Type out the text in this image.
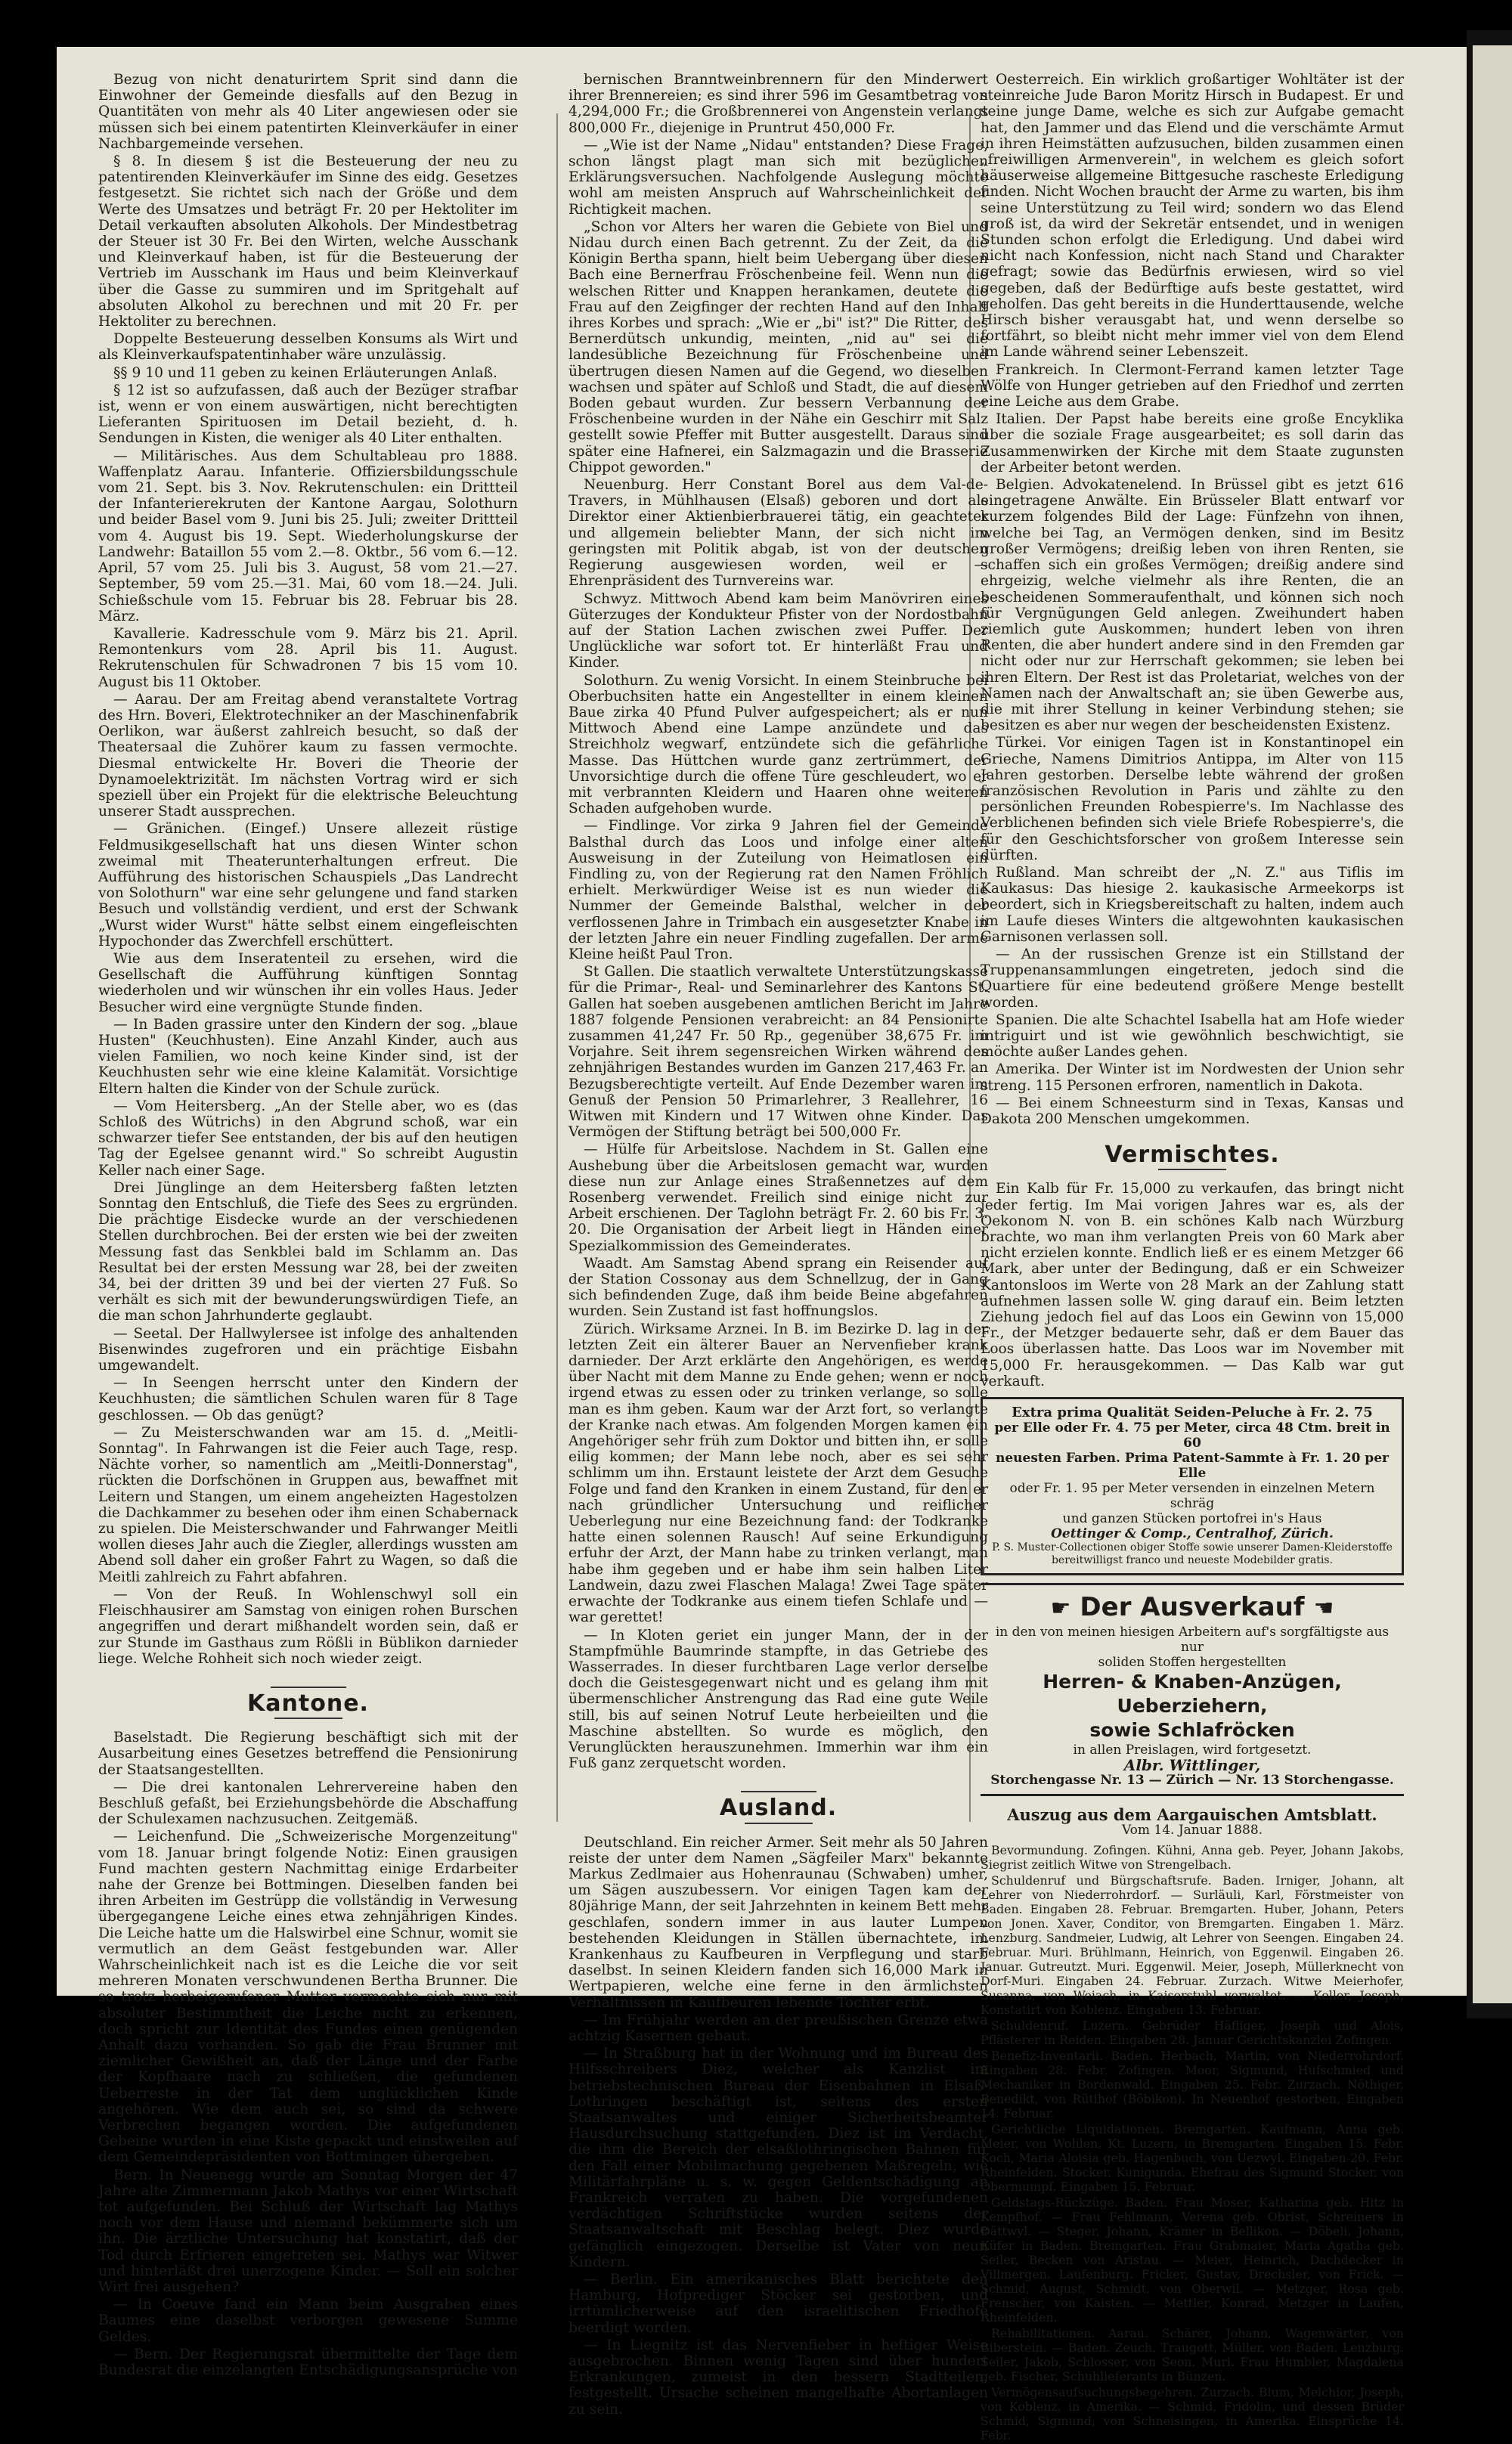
Bezug von nicht denaturirtem Sprit sind dann die Einwohner der Gemeinde diesfalls auf den Bezug in Quantitäten von mehr als 40 Liter angewiesen oder sie müssen sich bei einem patentirten Kleinverkäufer in einer Nachbargemeinde versehen.

§ 8. In diesem § ist die Besteuerung der neu zu patentirenden Kleinverkäufer im Sinne des eidg. Gesetzes festgesetzt. Sie richtet sich nach der Größe und dem Werte des Umsatzes und beträgt Fr. 20 per Hektoliter im Detail verkauften absoluten Alkohols. Der Mindestbetrag der Steuer ist 30 Fr. Bei den Wirten, welche Ausschank und Kleinverkauf haben, ist für die Besteuerung der Vertrieb im Ausschank im Haus und beim Kleinverkauf über die Gasse zu summiren und im Spritgehalt auf absoluten Alkohol zu berechnen und mit 20 Fr. per Hektoliter zu berechnen.

Doppelte Besteuerung desselben Konsums als Wirt und als Kleinverkaufspatentinhaber wäre unzulässig.

§§ 9 10 und 11 geben zu keinen Erläuterungen Anlaß.

§ 12 ist so aufzufassen, daß auch der Bezüger strafbar ist, wenn er von einem auswärtigen, nicht berechtigten Lieferanten Spirituosen im Detail bezieht, d. h. Sendungen in Kisten, die weniger als 40 Liter enthalten.

— Militärisches. Aus dem Schultableau pro 1888. Waffenplatz Aarau. Infanterie. Offiziersbildungsschule vom 21. Sept. bis 3. Nov. Rekrutenschulen: ein Drittteil der Infanterierekruten der Kantone Aargau, Solothurn und beider Basel vom 9. Juni bis 25. Juli; zweiter Drittteil vom 4. August bis 19. Sept. Wiederholungskurse der Landwehr: Bataillon 55 vom 2.—8. Oktbr., 56 vom 6.—12. April, 57 vom 25. Juli bis 3. August, 58 vom 21.—27. September, 59 vom 25.—31. Mai, 60 vom 18.—24. Juli. Schießschule vom 15. Februar bis 28. Februar bis 28. März.

Kavallerie. Kadresschule vom 9. März bis 21. April. Remontenkurs vom 28. April bis 11. August. Rekrutenschulen für Schwadronen 7 bis 15 vom 10. August bis 11 Oktober.

— Aarau. Der am Freitag abend veranstaltete Vortrag des Hrn. Boveri, Elektrotechniker an der Maschinenfabrik Oerlikon, war äußerst zahlreich besucht, so daß der Theatersaal die Zuhörer kaum zu fassen vermochte. Diesmal entwickelte Hr. Boveri die Theorie der Dynamoelektrizität. Im nächsten Vortrag wird er sich speziell über ein Projekt für die elektrische Beleuchtung unserer Stadt aussprechen.

— Gränichen. (Eingef.) Unsere allezeit rüstige Feldmusikgesellschaft hat uns diesen Winter schon zweimal mit Theaterunterhaltungen erfreut. Die Aufführung des historischen Schauspiels „Das Landrecht von Solothurn" war eine sehr gelungene und fand starken Besuch und vollständig verdient, und erst der Schwank „Wurst wider Wurst" hätte selbst einem eingefleischten Hypochonder das Zwerchfell erschüttert.

Wie aus dem Inseratenteil zu ersehen, wird die Gesellschaft die Aufführung künftigen Sonntag wiederholen und wir wünschen ihr ein volles Haus. Jeder Besucher wird eine vergnügte Stunde finden.

— In Baden grassire unter den Kindern der sog. „blaue Husten" (Keuchhusten). Eine Anzahl Kinder, auch aus vielen Familien, wo noch keine Kinder sind, ist der Keuchhusten sehr wie eine kleine Kalamität. Vorsichtige Eltern halten die Kinder von der Schule zurück.

— Vom Heitersberg. „An der Stelle aber, wo es (das Schloß des Wütrichs) in den Abgrund schoß, war ein schwarzer tiefer See entstanden, der bis auf den heutigen Tag der Egelsee genannt wird." So schreibt Augustin Keller nach einer Sage.

Drei Jünglinge an dem Heitersberg faßten letzten Sonntag den Entschluß, die Tiefe des Sees zu ergründen. Die prächtige Eisdecke wurde an der verschiedenen Stellen durchbrochen. Bei der ersten wie bei der zweiten Messung fast das Senkblei bald im Schlamm an. Das Resultat bei der ersten Messung war 28, bei der zweiten 34, bei der dritten 39 und bei der vierten 27 Fuß. So verhält es sich mit der bewunderungswürdigen Tiefe, an die man schon Jahrhunderte geglaubt.

— Seetal. Der Hallwylersee ist infolge des anhaltenden Bisenwindes zugefroren und ein prächtige Eisbahn umgewandelt.

— In Seengen herrscht unter den Kindern der Keuchhusten; die sämtlichen Schulen waren für 8 Tage geschlossen. — Ob das genügt?

— Zu Meisterschwanden war am 15. d. „Meitli-Sonntag". In Fahrwangen ist die Feier auch Tage, resp. Nächte vorher, so namentlich am „Meitli-Donnerstag", rückten die Dorfschönen in Gruppen aus, bewaffnet mit Leitern und Stangen, um einem angeheizten Hagestolzen die Dachkammer zu besehen oder ihm einen Schabernack zu spielen. Die Meisterschwander und Fahrwanger Meitli wollen dieses Jahr auch die Ziegler, allerdings wussten am Abend soll daher ein großer Fahrt zu Wagen, so daß die Meitli zahlreich zu Fahrt abfahren.

— Von der Reuß. In Wohlenschwyl soll ein Fleischhausirer am Samstag von einigen rohen Burschen angegriffen und derart mißhandelt worden sein, daß er zur Stunde im Gasthaus zum Rößli in Büblikon darnieder liege. Welche Rohheit sich noch wieder zeigt.

Kantone.

Baselstadt. Die Regierung beschäftigt sich mit der Ausarbeitung eines Gesetzes betreffend die Pensionirung der Staatsangestellten.

— Die drei kantonalen Lehrervereine haben den Beschluß gefaßt, bei Erziehungsbehörde die Abschaffung der Schulexamen nachzusuchen. Zeitgemäß.

— Leichenfund. Die „Schweizerische Morgenzeitung" vom 18. Januar bringt folgende Notiz: Einen grausigen Fund machten gestern Nachmittag einige Erdarbeiter nahe der Grenze bei Bottmingen. Dieselben fanden bei ihren Arbeiten im Gestrüpp die vollständig in Verwesung übergegangene Leiche eines etwa zehnjährigen Kindes. Die Leiche hatte um die Halswirbel eine Schnur, womit sie vermutlich an dem Geäst festgebunden war. Aller Wahrscheinlichkeit nach ist es die Leiche die vor seit mehreren Monaten verschwundenen Bertha Brunner. Die so trotz herbeigerufener Mutter vermochte sich nur mit absoluter Bestimmtheit die Leiche nicht zu erkennen, doch spricht zur Identität des Fundes einen genügenden Anhalt dazu vorhanden. So gab die Frau Brunner mit ziemlicher Gewißheit an, daß der Länge und der Farbe der Kopfhaare nach zu schließen, die gefundenen Ueberreste in der Tat dem unglücklichen Kinde angehören. Wie dem auch sei, so sind da schwere Verbrechen begangen worden. Die aufgefundenen Gebeine wurden in eine Kiste gepackt und einstweilen auf dem Gemeindepräsidenten von Bottmingen übergeben.

Bern. In Neuenegg wurde am Sonntag Morgen der 47 Jahre alte Zimmermann Jakob Mathys vor einer Wirtschaft tot aufgefunden. Bei Schluß der Wirtschaft lag Mathys noch vor dem Hause und niemand bekümmerte sich um ihn. Die ärztliche Untersuchung hat konstatirt, daß der Tod durch Erfrieren eingetreten sei. Mathys war Witwer und hinterläßt drei unerzogene Kinder. — Soll ein solcher Wirt frei ausgehen?

— In Coeuve fand ein Mann beim Ausgraben eines Baumes eine daselbst verborgen gewesene Summe Geldes.

— Bern. Der Regierungsrat übermittelte der Tage dem Bundesrat die einzelangten Entschädigungsansprüche von

bernischen Branntweinbrennern für den Minderwert ihrer Brennereien; es sind ihrer 596 im Gesamtbetrag von 4,294,000 Fr.; die Großbrennerei von Angenstein verlangt 800,000 Fr., diejenige in Pruntrut 450,000 Fr.

— „Wie ist der Name „Nidau" entstanden? Diese Frage, schon längst plagt man sich mit bezüglichen Erklärungsversuchen. Nachfolgende Auslegung möchte wohl am meisten Anspruch auf Wahrscheinlichkeit der Richtigkeit machen.

„Schon vor Alters her waren die Gebiete von Biel und Nidau durch einen Bach getrennt. Zu der Zeit, da die Königin Bertha spann, hielt beim Uebergang über diesen Bach eine Bernerfrau Fröschenbeine feil. Wenn nun die welschen Ritter und Knappen herankamen, deutete die Frau auf den Zeigfinger der rechten Hand auf den Inhalt ihres Korbes und sprach: „Wie er „bi" ist?" Die Ritter, des Bernerdütsch unkundig, meinten, „nid au" sei die landesübliche Bezeichnung für Fröschenbeine und übertrugen diesen Namen auf die Gegend, wo dieselben wachsen und später auf Schloß und Stadt, die auf diesem Boden gebaut wurden. Zur bessern Verbannung der Fröschenbeine wurden in der Nähe ein Geschirr mit Salz gestellt sowie Pfeffer mit Butter ausgestellt. Daraus sind später eine Hafnerei, ein Salzmagazin und die Brasserie Chippot geworden."

Neuenburg. Herr Constant Borel aus dem Val-de-Travers, in Mühlhausen (Elsaß) geboren und dort als Direktor einer Aktienbierbrauerei tätig, ein geachteter und allgemein beliebter Mann, der sich nicht im geringsten mit Politik abgab, ist von der deutschen Regierung ausgewiesen worden, weil er — Ehrenpräsident des Turnvereins war.

Schwyz. Mittwoch Abend kam beim Manövriren eines Güterzuges der Kondukteur Pfister von der Nordostbahn auf der Station Lachen zwischen zwei Puffer. Der Unglückliche war sofort tot. Er hinterläßt Frau und Kinder.

Solothurn. Zu wenig Vorsicht. In einem Steinbruche bei Oberbuchsiten hatte ein Angestellter in einem kleinen Baue zirka 40 Pfund Pulver aufgespeichert; als er nun Mittwoch Abend eine Lampe anzündete und das Streichholz wegwarf, entzündete sich die gefährliche Masse. Das Hüttchen wurde ganz zertrümmert, der Unvorsichtige durch die offene Türe geschleudert, wo er mit verbrannten Kleidern und Haaren ohne weiteren Schaden aufgehoben wurde.

— Findlinge. Vor zirka 9 Jahren fiel der Gemeinde Balsthal durch das Loos und infolge einer alten Ausweisung in der Zuteilung von Heimatlosen ein Findling zu, von der Regierung rat den Namen Fröhlich erhielt. Merkwürdiger Weise ist es nun wieder die Nummer der Gemeinde Balsthal, welcher in der verflossenen Jahre in Trimbach ein ausgesetzter Knabe in der letzten Jahre ein neuer Findling zugefallen. Der arme Kleine heißt Paul Tron.

St Gallen. Die staatlich verwaltete Unterstützungskasse für die Primar-, Real- und Seminarlehrer des Kantons St. Gallen hat soeben ausgebenen amtlichen Bericht im Jahre 1887 folgende Pensionen verabreicht: an 84 Pensionirte zusammen 41,247 Fr. 50 Rp., gegenüber 38,675 Fr. im Vorjahre. Seit ihrem segensreichen Wirken während des zehnjährigen Bestandes wurden im Ganzen 217,463 Fr. an Bezugsberechtigte verteilt. Auf Ende Dezember waren im Genuß der Pension 50 Primarlehrer, 3 Reallehrer, 16 Witwen mit Kindern und 17 Witwen ohne Kinder. Das Vermögen der Stiftung beträgt bei 500,000 Fr.

— Hülfe für Arbeitslose. Nachdem in St. Gallen eine Aushebung über die Arbeitslosen gemacht war, wurden diese nun zur Anlage eines Straßennetzes auf dem Rosenberg verwendet. Freilich sind einige nicht zur Arbeit erschienen. Der Taglohn beträgt Fr. 2. 60 bis Fr. 3. 20. Die Organisation der Arbeit liegt in Händen einer Spezialkommission des Gemeinderates.

Waadt. Am Samstag Abend sprang ein Reisender auf der Station Cossonay aus dem Schnellzug, der in Gang sich befindenden Zuge, daß ihm beide Beine abgefahren wurden. Sein Zustand ist fast hoffnungslos.

Zürich. Wirksame Arznei. In B. im Bezirke D. lag in der letzten Zeit ein älterer Bauer an Nervenfieber krank darnieder. Der Arzt erklärte den Angehörigen, es werde über Nacht mit dem Manne zu Ende gehen; wenn er noch irgend etwas zu essen oder zu trinken verlange, so solle man es ihm geben. Kaum war der Arzt fort, so verlangte der Kranke nach etwas. Am folgenden Morgen kamen ein Angehöriger sehr früh zum Doktor und bitten ihn, er solle eilig kommen; der Mann lebe noch, aber es sei sehr schlimm um ihn. Erstaunt leistete der Arzt dem Gesuche Folge und fand den Kranken in einem Zustand, für den er nach gründlicher Untersuchung und reiflicher Ueberlegung nur eine Bezeichnung fand: der Todkranke hatte einen solennen Rausch! Auf seine Erkundigung erfuhr der Arzt, der Mann habe zu trinken verlangt, man habe ihm gegeben und er habe ihm sein halben Liter Landwein, dazu zwei Flaschen Malaga! Zwei Tage später erwachte der Todkranke aus einem tiefen Schlafe und — war gerettet!

— In Kloten geriet ein junger Mann, der in der Stampfmühle Baumrinde stampfte, in das Getriebe des Wasserrades. In dieser furchtbaren Lage verlor derselbe doch die Geistesgegenwart nicht und es gelang ihm mit übermenschlicher Anstrengung das Rad eine gute Weile still, bis auf seinen Notruf Leute herbeieilten und die Maschine abstellten. So wurde es möglich, den Verunglückten herauszunehmen. Immerhin war ihm ein Fuß ganz zerquetscht worden.

Ausland.

Deutschland. Ein reicher Armer. Seit mehr als 50 Jahren reiste der unter dem Namen „Sägfeiler Marx" bekannte Markus Zedlmaier aus Hohenraunau (Schwaben) umher, um Sägen auszubessern. Vor einigen Tagen kam der 80jährige Mann, der seit Jahrzehnten in keinem Bett mehr geschlafen, sondern immer in aus lauter Lumpen bestehenden Kleidungen in Ställen übernachtete, im Krankenhaus zu Kaufbeuren in Verpflegung und starb daselbst. In seinen Kleidern fanden sich 16,000 Mark in Wertpapieren, welche eine ferne in den ärmlichsten Verhältnissen in Kaufbeuren lebende Tochter erbt.

— Im Frühjahr werden an der preußischen Grenze etwa achtzig Kasernen gebaut.

— In Straßburg hat in der Wohnung und im Bureau des Hilfsschreibers Diez, welcher als Kanzlist im betriebstechnischen Bureau der Eisenbahnen in Elsaß-Lothringen beschäftigt ist, seitens des ersten Staatsanwaltes und einiger Sicherheitsbeamter Hausdurchsuchung stattgefunden. Diez ist im Verdacht, die ihm die Bereich der elsaßlothringischen Bahnen für den Fall einer Mobilmachung gegebenen Maßregeln, wie Militärfahrpläne u. s. w. gegen Geldentschädigung an Frankreich verraten zu haben. Die vorgefundenen verdächtigen Schriftstücke wurden seitens der Staatsanwaltschaft mit Beschlag belegt. Diez wurde gefänglich eingezogen. Derselbe ist Vater von neun Kindern.

— Berlin. Ein amerikanisches Blatt berichtete den Hamburg, Hofprediger Stöcker sei gestorben, und irrtümlicherweise auf den israelitischen Friedhofe beerdigt worden.

— In Liegnitz ist das Nervenfieber in heftiger Weise ausgebrochen. Binnen wenig Tagen sind über hundert Erkrankungen, zumeist in den bessern Stadtteilen, festgestellt. Ursache scheinen mangelhafte Abortanlagen zu sein.

Oesterreich. Ein wirklich großartiger Wohltäter ist der steinreiche Jude Baron Moritz Hirsch in Budapest. Er und seine junge Dame, welche es sich zur Aufgabe gemacht hat, den Jammer und das Elend und die verschämte Armut in ihren Heimstätten aufzusuchen, bilden zusammen einen „freiwilligen Armenverein", in welchem es gleich sofort häuserweise allgemeine Bittgesuche rascheste Erledigung finden. Nicht Wochen braucht der Arme zu warten, bis ihm seine Unterstützung zu Teil wird; sondern wo das Elend groß ist, da wird der Sekretär entsendet, und in wenigen Stunden schon erfolgt die Erledigung. Und dabei wird nicht nach Konfession, nicht nach Stand und Charakter gefragt; sowie das Bedürfnis erwiesen, wird so viel gegeben, daß der Bedürftige aufs beste gestattet, wird geholfen. Das geht bereits in die Hunderttausende, welche Hirsch bisher verausgabt hat, und wenn derselbe so fortfährt, so bleibt nicht mehr immer viel von dem Elend im Lande während seiner Lebenszeit.

Frankreich. In Clermont-Ferrand kamen letzter Tage Wölfe von Hunger getrieben auf den Friedhof und zerrten eine Leiche aus dem Grabe.

Italien. Der Papst habe bereits eine große Encyklika über die soziale Frage ausgearbeitet; es soll darin das Zusammenwirken der Kirche mit dem Staate zugunsten der Arbeiter betont werden.

Belgien. Advokatenelend. In Brüssel gibt es jetzt 616 eingetragene Anwälte. Ein Brüsseler Blatt entwarf vor kurzem folgendes Bild der Lage: Fünfzehn von ihnen, welche bei Tag, an Vermögen denken, sind im Besitz großer Vermögens; dreißig leben von ihren Renten, sie schaffen sich ein großes Vermögen; dreißig andere sind ehrgeizig, welche vielmehr als ihre Renten, die an bescheidenen Sommeraufenthalt, und können sich noch für Vergnügungen Geld anlegen. Zweihundert haben ziemlich gute Auskommen; hundert leben von ihren Renten, die aber hundert andere sind in den Fremden gar nicht oder nur zur Herrschaft gekommen; sie leben bei ihren Eltern. Der Rest ist das Proletariat, welches von der Namen nach der Anwaltschaft an; sie üben Gewerbe aus, die mit ihrer Stellung in keiner Verbindung stehen; sie besitzen es aber nur wegen der bescheidensten Existenz.

Türkei. Vor einigen Tagen ist in Konstantinopel ein Grieche, Namens Dimitrios Antippa, im Alter von 115 Jahren gestorben. Derselbe lebte während der großen französischen Revolution in Paris und zählte zu den persönlichen Freunden Robespierre's. Im Nachlasse des Verblichenen befinden sich viele Briefe Robespierre's, die für den Geschichtsforscher von großem Interesse sein dürften.

Rußland. Man schreibt der „N. Z." aus Tiflis im Kaukasus: Das hiesige 2. kaukasische Armeekorps ist beordert, sich in Kriegsbereitschaft zu halten, indem auch im Laufe dieses Winters die altgewohnten kaukasischen Garnisonen verlassen soll.

— An der russischen Grenze ist ein Stillstand der Truppenansammlungen eingetreten, jedoch sind die Quartiere für eine bedeutend größere Menge bestellt worden.

Spanien. Die alte Schachtel Isabella hat am Hofe wieder intriguirt und ist wie gewöhnlich beschwichtigt, sie möchte außer Landes gehen.

Amerika. Der Winter ist im Nordwesten der Union sehr streng. 115 Personen erfroren, namentlich in Dakota.

— Bei einem Schneesturm sind in Texas, Kansas und Dakota 200 Menschen umgekommen.

Vermischtes.

Ein Kalb für Fr. 15,000 zu verkaufen, das bringt nicht jeder fertig. Im Mai vorigen Jahres war es, als der Oekonom N. von B. ein schönes Kalb nach Würzburg brachte, wo man ihm verlangten Preis von 60 Mark aber nicht erzielen konnte. Endlich ließ er es einem Metzger 66 Mark, aber unter der Bedingung, daß er ein Schweizer Kantonsloos im Werte von 28 Mark an der Zahlung statt aufnehmen lassen solle W. ging darauf ein. Beim letzten Ziehung jedoch fiel auf das Loos ein Gewinn von 15,000 Fr., der Metzger bedauerte sehr, daß er dem Bauer das Loos überlassen hatte. Das Loos war im November mit 15,000 Fr. herausgekommen. — Das Kalb war gut verkauft.

Extra prima Qualität Seiden-Peluche à Fr. 2. 75
per Elle oder Fr. 4. 75 per Meter, circa 48 Ctm. breit in 60
neuesten Farben. Prima Patent-Sammte à Fr. 1. 20 per Elle
oder Fr. 1. 95 per Meter versenden in einzelnen Metern schräg
und ganzen Stücken portofrei in's Haus
Oettinger & Comp., Centralhof, Zürich.
P. S. Muster-Collectionen obiger Stoffe sowie unserer Damen-Kleiderstoffe bereitwilligst franco und neueste Modebilder gratis.
☛ Der Ausverkauf ☚
in den von meinen hiesigen Arbeitern auf's sorgfältigste aus nur
soliden Stoffen hergestellten
Herren- & Knaben-Anzügen, Ueberziehern,
sowie Schlafröcken
in allen Preislagen, wird fortgesetzt.
Albr. Wittlinger,
Storchengasse Nr. 13 — Zürich — Nr. 13 Storchengasse.
Auszug aus dem Aargauischen Amtsblatt.
Vom 14. Januar 1888.

Bevormundung. Zofingen. Kühni, Anna geb. Peyer, Johann Jakobs, Siegrist zeitlich Witwe von Strengelbach.

Schuldenruf und Bürgschaftsrufe. Baden. Irniger, Johann, alt Lehrer von Niederrohrdorf. — Surläuli, Karl, Förstmeister von Baden. Eingaben 28. Februar. Bremgarten. Huber, Johann, Peters von Jonen. Xaver, Conditor, von Bremgarten. Eingaben 1. März. Lenzburg. Sandmeier, Ludwig, alt Lehrer von Seengen. Eingaben 24. Februar. Muri. Brühlmann, Heinrich, von Eggenwil. Eingaben 26. Januar. Gutreutzt. Muri. Eggenwil. Meier, Joseph, Müllerknecht von Dorf-Muri. Eingaben 24. Februar. Zurzach. Witwe Meierhofer, Susanna, von Weiach, in Kaiserstuhl verwaltet. — Keller, Joseph, Konstatirt von Koblenz. Eingaben 13. Februar.

Schuldenruf. Luzern. Gebrüder Häfliger, Joseph und Alois, Pflästerer in Reiden. Eingaben 28. Januar Gerichtskanzlei Zofingen.

Benefiz-Inventarii. Baden. Herbach, Martin, von Niederrohrdorf. Eingaben 28. Febr. Zofingen. Moor, Sigmund, Hufschmied und Mechaniker in Bordenwald. Eingaben 25. Febr. Zurzach. Nöthiger, Benedikt, von Rütihof (Böbikon). In Neuenhof gestorben, Eingaben 14. Februar.

Gerichtliche Liquidationen. Bremgarten. Kaufmann, Anna geb. Meier, von Wohlen, Kt. Luzern, in Bremgarten. Eingaben 15. Febr. Koch, Maria Aloisia geb. Hagenbuch, von Uezwyl. Eingaben 20. Febr. Rheinfelden. Stocker, Kunigunda, Ehefrau des Sigmund Stocker, von Obermumpf. Eingaben 15. Februar.

Geldstags-Rückzüge. Baden. Frau Moser, Katharina geb. Hitz in Kempfhof. — Frau Fehlmann, Verena geb. Obrist, Schreiners in Dättwyl. — Steger, Johann, Krämer in Bellikon. — Döbeli, Johann, Küfer in Baden. Bremgarten. Frau Grabmaier, Maria Agatha geb. Seiler, Becken von Aristau. — Meier, Heinrich, Dachdecker in Villmergen. Laufenburg. Fricker, Gustav, Drechsler, von Frick. — Schmid, August, Schmidt, von Oberwil. — Metzger, Rosa geb. Frenscher, von Kaisten. — Mettler, Konrad, Metzger in Laufen, Rheinfelden.

Rehabilitationen. Aarau. Schärer, Johann, Wagenwärter, von Biberstein. — Baden. Zeuch, Traugott, Müller, von Baden. Lenzburg. Seiler, Jakob, Schlosser, von Seon. Muri. Frau Humbler, Magdalena geb. Fischer, Schuhlieferants in Bünzen.

Vermögensaufsuchungsbegehren. Zurzach. Blum, Melchior, Joseph, von Koblenz, in Amerika. — Schmid, Fridolin, und dessen Brüder Schmid, Sigmund, von Schneisingen, in Amerika. Einsprüche 14. Febr.
